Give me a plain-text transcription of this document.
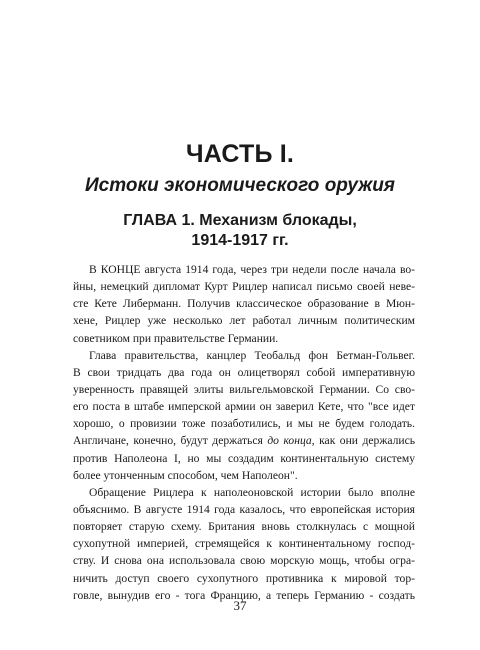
ЧАСТЬ I.
Истоки экономического оружия
ГЛАВА 1. Механизм блокады,
1914-1917 гг.
В КОНЦЕ августа 1914 года, через три недели после начала во-
йны, немецкий дипломат Курт Рицлер написал письмо своей неве-
сте Кете Либерманн. Получив классическое образование в Мюн-
хене, Рицлер уже несколько лет работал личным политическим
советником при правительстве Германии.
Глава правительства, канцлер Теобальд фон Бетман-Гольвег.
В свои тридцать два года он олицетворял собой императивную
уверенность правящей элиты вильгельмовской Германии. Со сво-
его поста в штабе имперской армии он заверил Кете, что "все идет
хорошо, о провизии тоже позаботились, и мы не будем голодать.
Англичане, конечно, будут держаться до конца, как они держались
против Наполеона I, но мы создадим континентальную систему
более утонченным способом, чем Наполеон".
Обращение Рицлера к наполеоновской истории было вполне
объяснимо. В августе 1914 года казалось, что европейская история
повторяет старую схему. Британия вновь столкнулась с мощной
сухопутной империей, стремящейся к континентальному господ-
ству. И снова она использовала свою морскую мощь, чтобы огра-
ничить доступ своего сухопутного противника к мировой тор-
говле, вынудив его - тога Францию, а теперь Германию - создать
37
